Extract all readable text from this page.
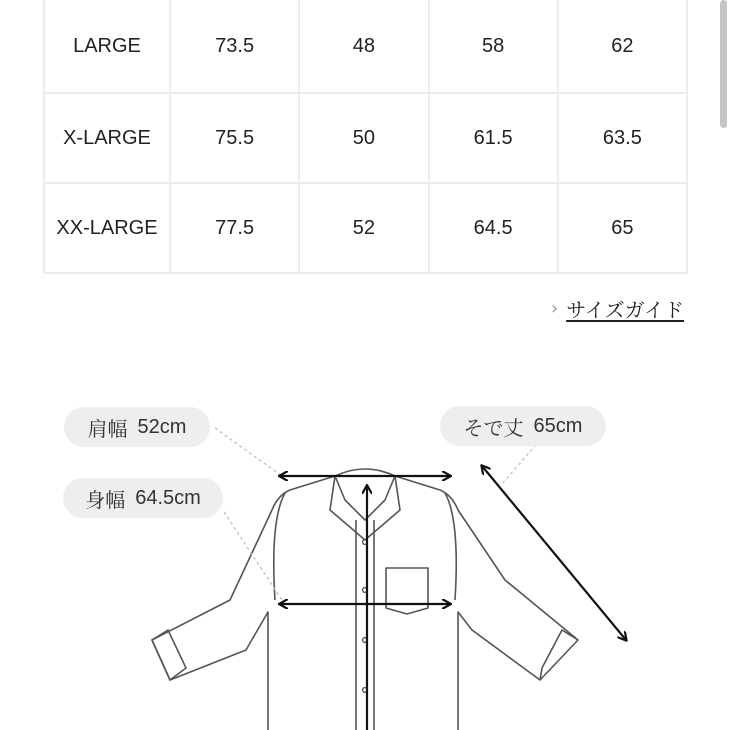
LARGE	73.5	48	58	62
X-LARGE	75.5	50	61.5	63.5
XX-LARGE	77.5	52	64.5	65
› サイズガイド
肩幅 52cm	そで丈 65cm
身幅 64.5cm
